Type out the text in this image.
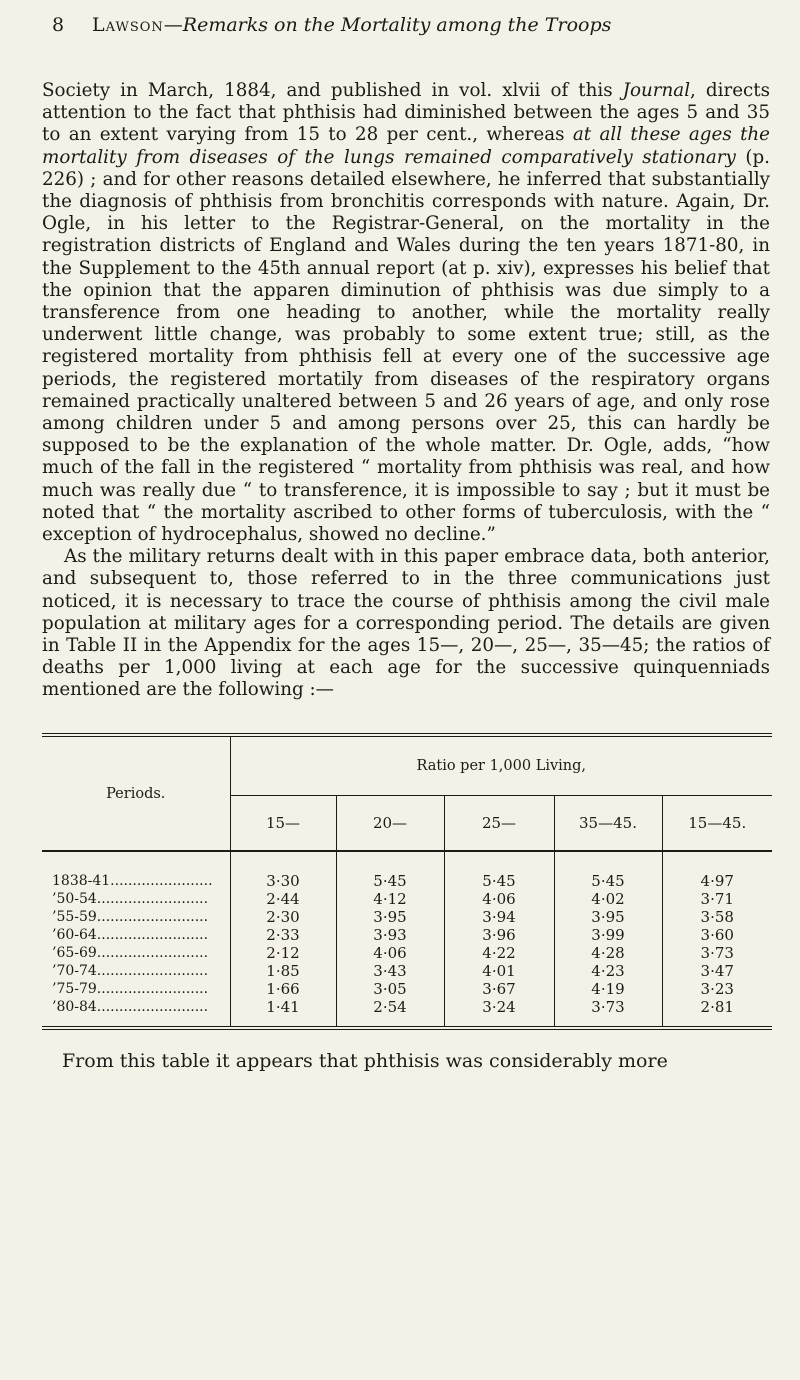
8 Lawson—Remarks on the Mortality among the Troops

Society in March, 1884, and published in vol. xlvii of this Journal, directs attention to the fact that phthisis had diminished between the ages 5 and 35 to an extent varying from 15 to 28 per cent., whereas at all these ages the mortality from diseases of the lungs remained comparatively stationary (p. 226) ; and for other reasons detailed elsewhere, he inferred that substantially the diagnosis of phthisis from bronchitis corresponds with nature. Again, Dr. Ogle, in his letter to the Registrar-General, on the mortality in the registration districts of England and Wales during the ten years 1871-80, in the Supplement to the 45th annual report (at p. xiv), expresses his belief that the opinion that the apparen diminution of phthisis was due simply to a transference from one heading to another, while the mortality really underwent little change, was probably to some extent true; still, as the registered mortality from phthisis fell at every one of the successive age periods, the registered mortatily from diseases of the respiratory organs remained practically unaltered between 5 and 26 years of age, and only rose among children under 5 and among persons over 25, this can hardly be supposed to be the explanation of the whole matter. Dr. Ogle, adds, “how much of the fall in the registered “ mortality from phthisis was real, and how much was really due “ to transference, it is impossible to say ; but it must be noted that “ the mortality ascribed to other forms of tuberculosis, with the “ exception of hydrocephalus, showed no decline.”

As the military returns dealt with in this paper embrace data, both anterior, and subsequent to, those referred to in the three communications just noticed, it is necessary to trace the course of phthisis among the civil male population at military ages for a corresponding period. The details are given in Table II in the Appendix for the ages 15—, 20—, 25—, 35—45; the ratios of deaths per 1,000 living at each age for the successive quinquenniads mentioned are the following :—

Periods.	Ratio per 1,000 Living,				
	15—	20—	25—	35—45.	15—45.
1838-41.......................	3·30	5·45	5·45	5·45	4·97
’50-54.........................	2·44	4·12	4·06	4·02	3·71
’55-59.........................	2·30	3·95	3·94	3·95	3·58
’60-64.........................	2·33	3·93	3·96	3·99	3·60
’65-69.........................	2·12	4·06	4·22	4·28	3·73
’70-74.........................	1·85	3·43	4·01	4·23	3·47
’75-79.........................	1·66	3·05	3·67	4·19	3·23
’80-84.........................	1·41	2·54	3·24	3·73	2·81
From this table it appears that phthisis was considerably more
